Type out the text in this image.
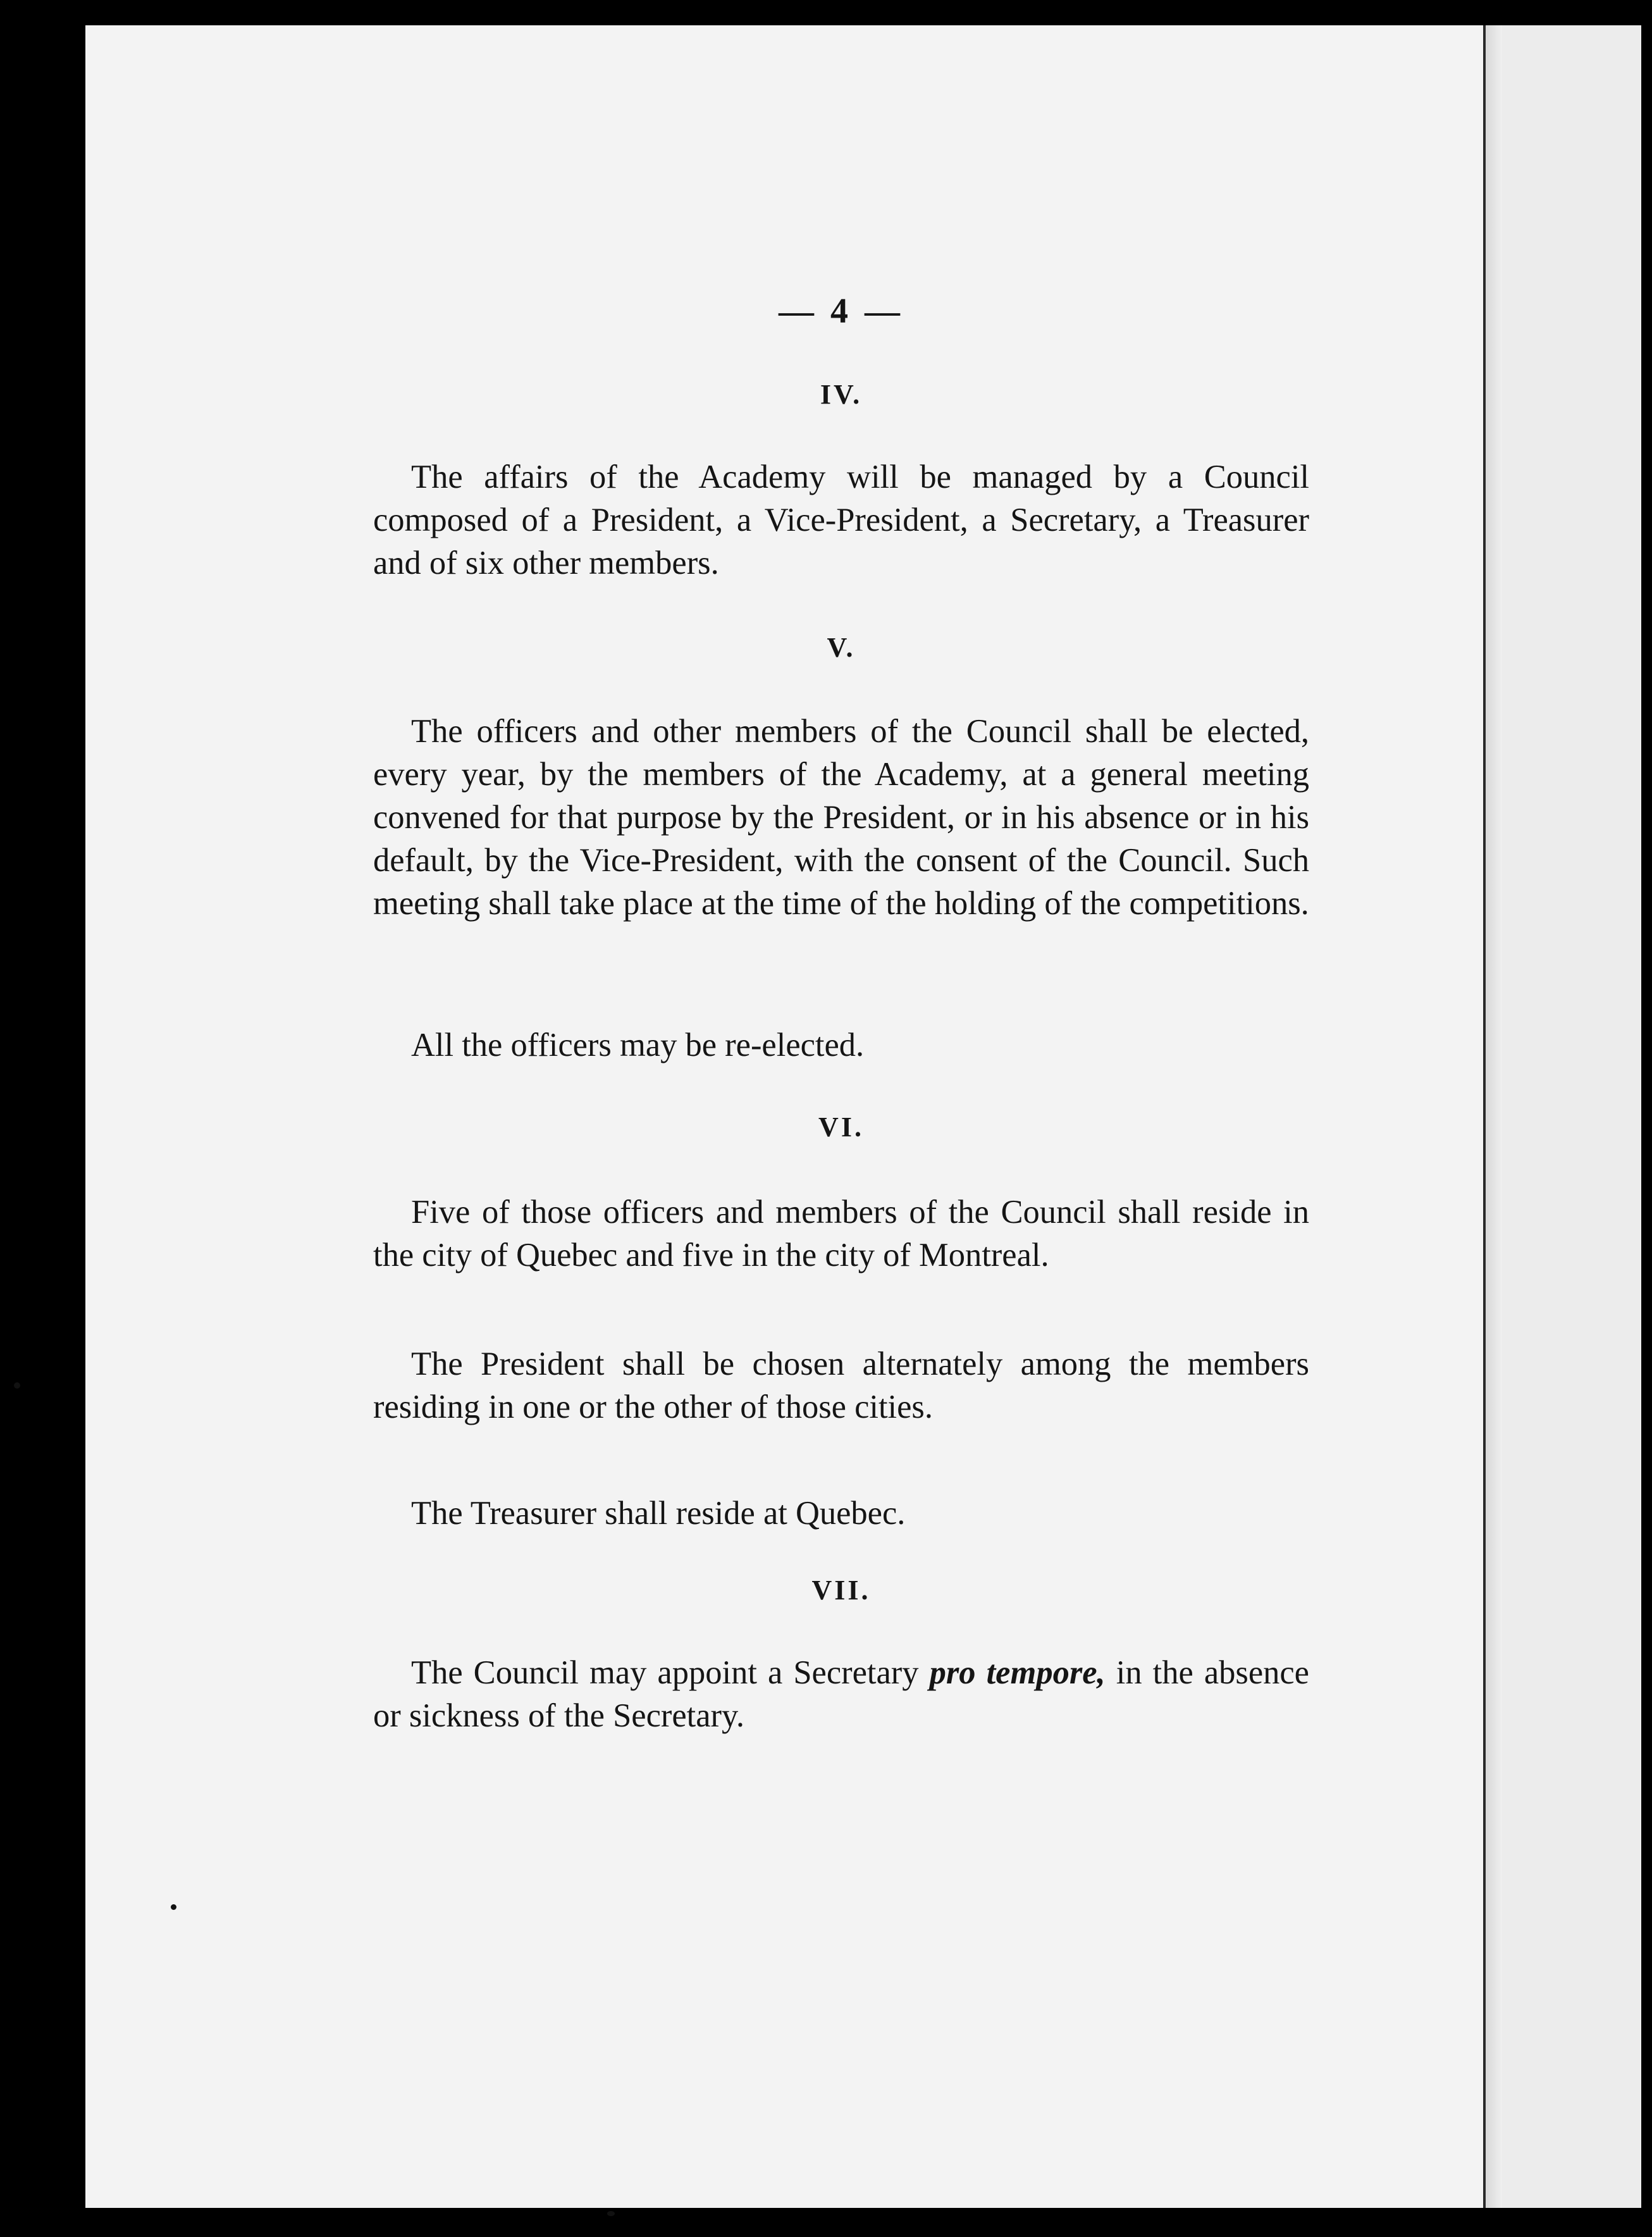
— 4 —
IV.

The affairs of the Academy will be managed by a Council composed of a President, a Vice-President, a Secretary, a Treasurer and of six other members.

V.

The officers and other members of the Council shall be elected, every year, by the members of the Academy, at a general meeting convened for that purpose by the President, or in his absence or in his default, by the Vice-President, with the consent of the Council. Such meeting shall take place at the time of the holding of the competitions.

All the officers may be re-elected.

VI.

Five of those officers and members of the Council shall reside in the city of Quebec and five in the city of Montreal.

The President shall be chosen alternately among the members residing in one or the other of those cities.

The Treasurer shall reside at Quebec.

VII.

The Council may appoint a Secretary pro tempore, in the absence or sickness of the Secretary.
